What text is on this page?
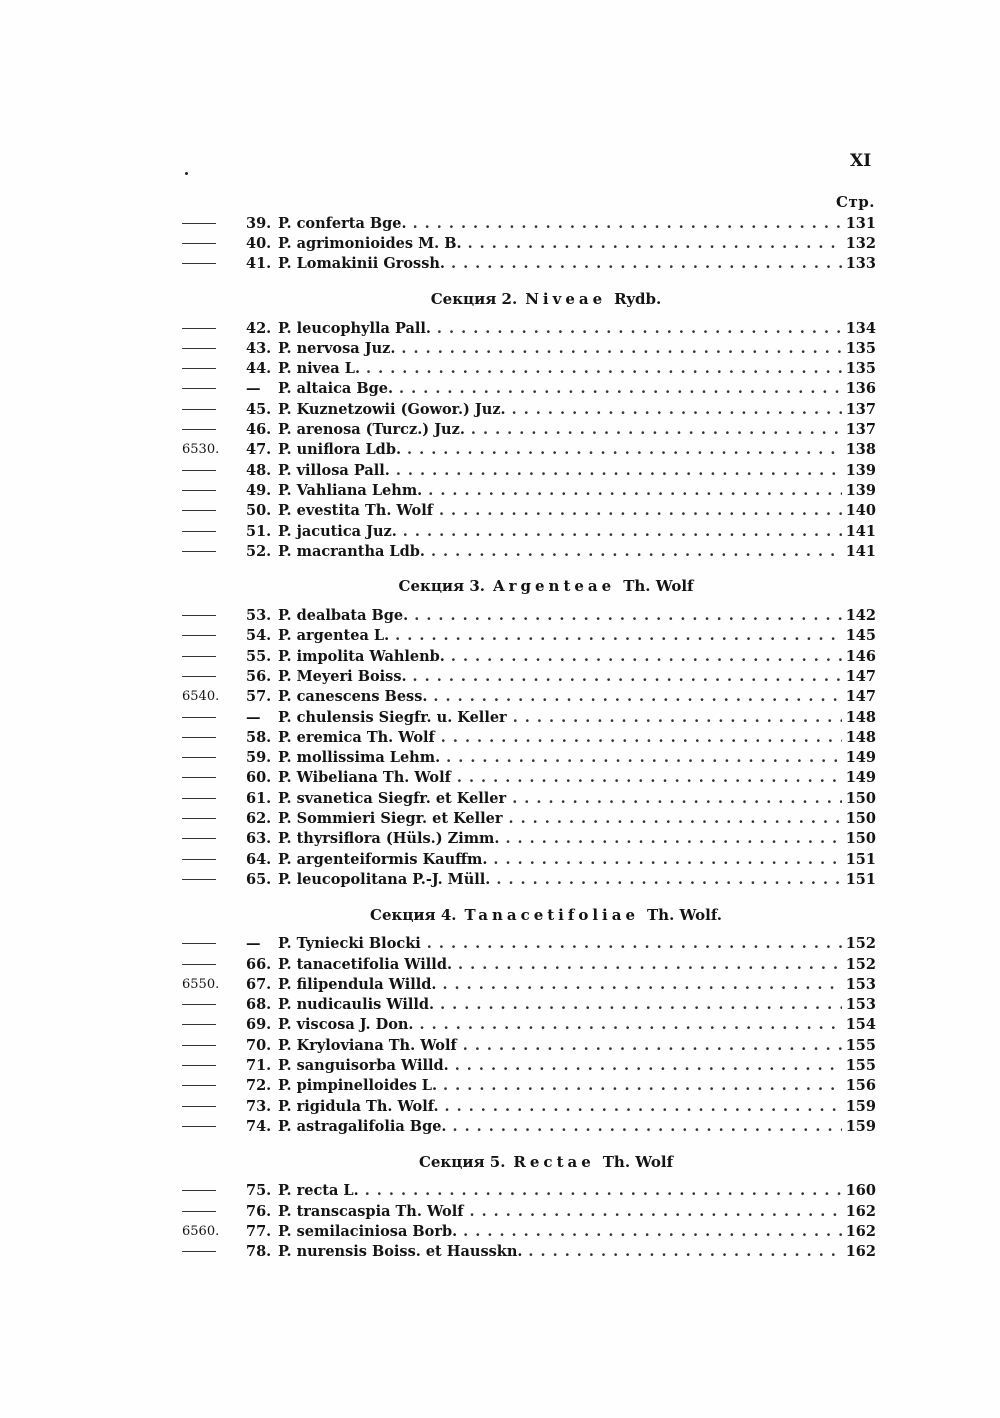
XI
Стр.
39. P. conferta Bge. . . .	131
40. P. agrimonioides M. B. . . .	132
41. P. Lomakinii Grossh. . . .	133
Секция 2. Niveae Rydb.
42. P. leucophylla Pall. . . .	134
43. P. nervosa Juz. . . .	135
44. P. nivea L. . . .	135
—	P. altaica Bge. . . .	136
45. P. Kuznetzowii (Gowor.) Juz. . . .	137
46. P. arenosa (Turcz.) Juz. . . .	137
6530.	47. P. uniflora Ldb. . . .	138
48. P. villosa Pall. . . .	139
49. P. Vahliana Lehm. . . .	139
50. P. evestita Th. Wolf . . .	140
51. P. jacutica Juz. . . .	141
52. P. macrantha Ldb. . . .	141
Секция 3. Argenteae Th. Wolf
53. P. dealbata Bge. . . .	142
54. P. argentea L. . . .	145
55. P. impolita Wahlenb. . . .	146
56. P. Meyeri Boiss. . . .	147
6540.	57. P. canescens Bess. . . .	147
—	P. chulensis Siegfr. u. Keller . . .	148
58. P. eremica Th. Wolf . . .	148
59. P. mollissima Lehm. . . .	149
60. P. Wibeliana Th. Wolf . . .	149
61. P. svanetica Siegfr. et Keller . . .	150
62. P. Sommieri Siegr. et Keller . . .	150
63. P. thyrsiflora (Hüls.) Zimm. . . .	150
64. P. argenteiformis Kauffm. . . .	151
65. P. leucopolitana P.-J. Müll. . . .	151
Секция 4. Tanacetifoliae Th. Wolf.
—	P. Tyniecki Blocki . . .	152
66. P. tanacetifolia Willd. . . .	152
6550.	67. P. filipendula Willd. . . .	153
68. P. nudicaulis Willd. . . .	153
69. P. viscosa J. Don. . . .	154
70. P. Kryloviana Th. Wolf . . .	155
71. P. sanguisorba Willd. . . .	155
72. P. pimpinelloides L. . . .	156
73. P. rigidula Th. Wolf. . . .	159
74. P. astragalifolia Bge. . . .	159
Секция 5. Rectae Th. Wolf
75. P. recta L. . . .	160
76. P. transcaspia Th. Wolf . . .	162
6560.	77. P. semilaciniosa Borb. . . .	162
78. P. nurensis Boiss. et Hausskn. . . .	162
